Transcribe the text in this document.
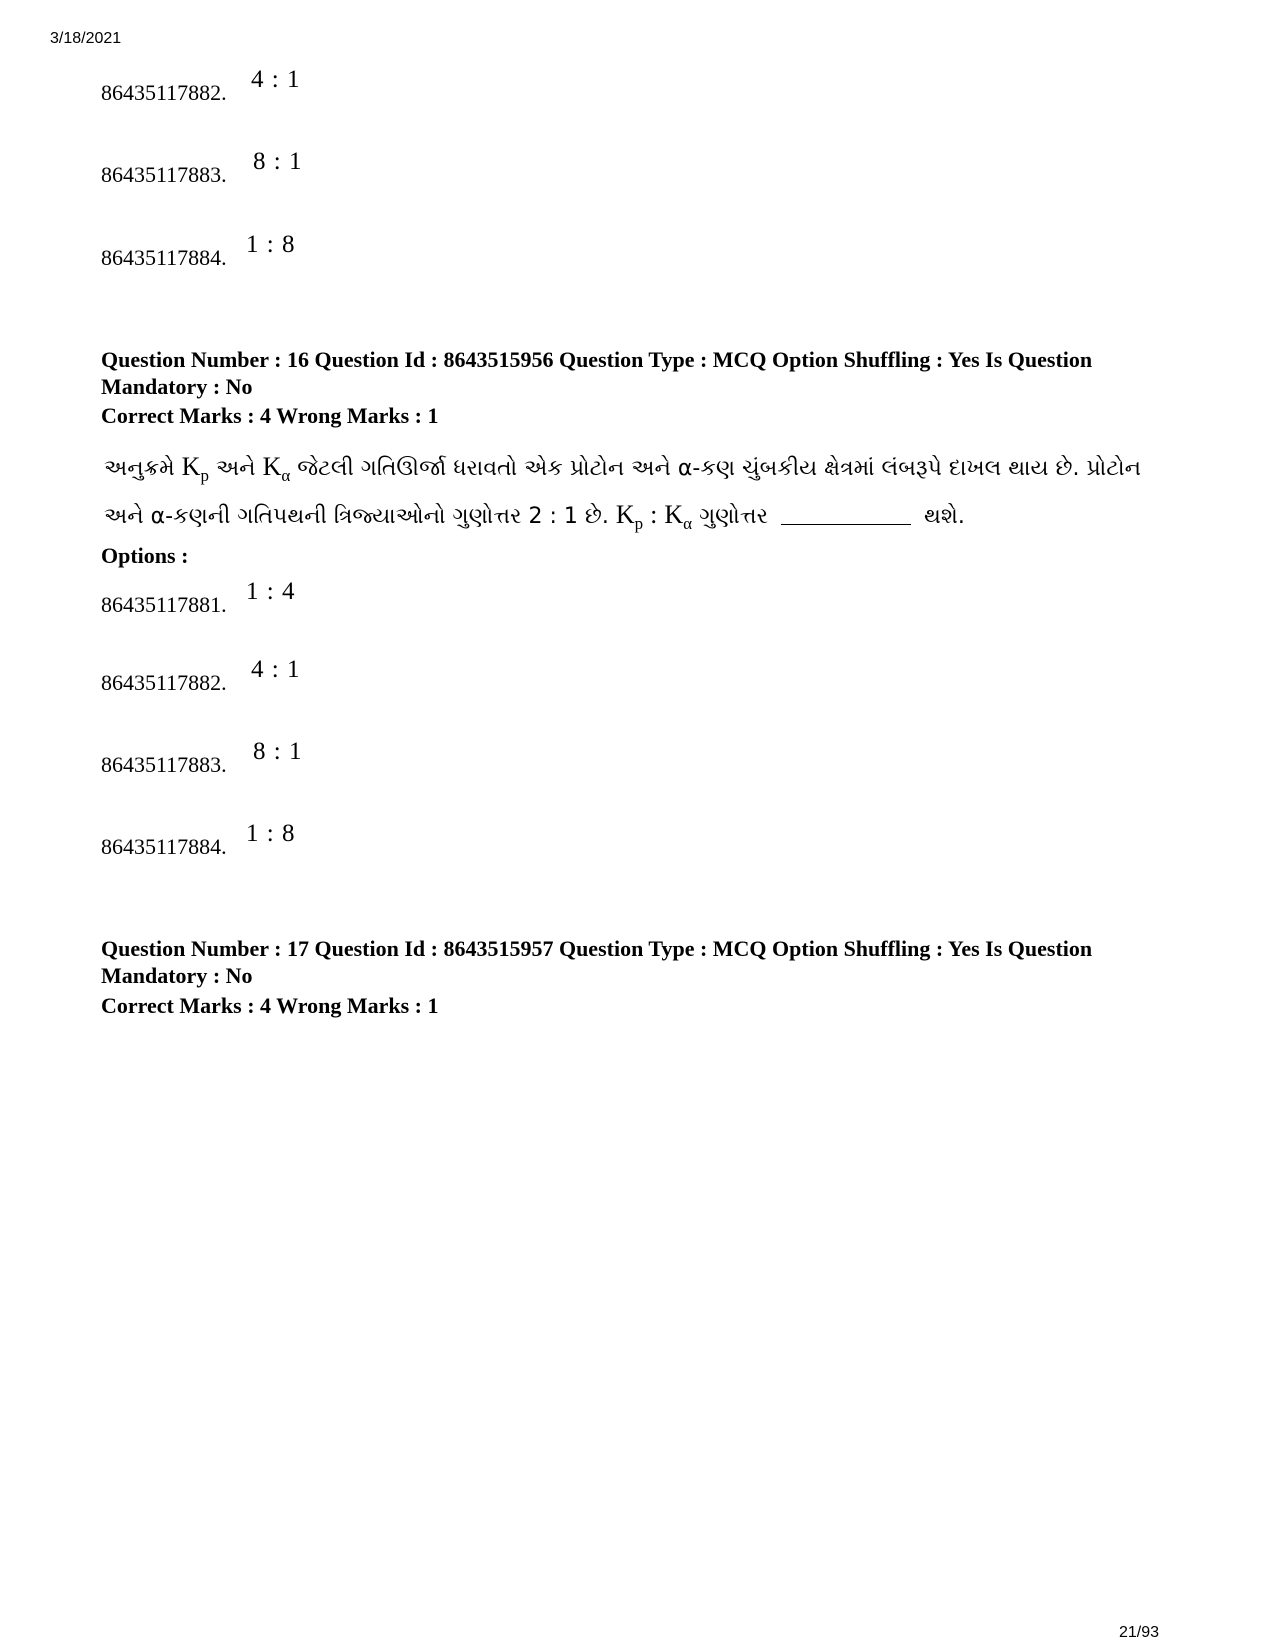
3/18/2021
86435117882. 4 : 1
86435117883. 8 : 1
86435117884. 1 : 8
Question Number : 16 Question Id : 8643515956 Question Type : MCQ Option Shuffling : Yes Is Question Mandatory : No
Correct Marks : 4 Wrong Marks : 1
અનુક્રમે $K_p$ અને $K_\alpha$ જેટલી ગતિઊર્જા ધરાવતો એક પ્રોટોન અને α-કણ ચુંબકીય ક્ષેત્રમાં લંબરૂપે દાખલ થાય છે. પ્રોટોન
અને α-કણની ગતિપથની ત્રિજ્યાઓનો ગુણોત્તર 2 : 1 છે. $K_p$ : $K_\alpha$ ગુણોત્તર	થશે.
Options :
86435117881. 1 : 4
86435117882. 4 : 1
86435117883. 8 : 1
86435117884. 1 : 8
Question Number : 17 Question Id : 8643515957 Question Type : MCQ Option Shuffling : Yes Is Question Mandatory : No
Correct Marks : 4 Wrong Marks : 1
21/93
